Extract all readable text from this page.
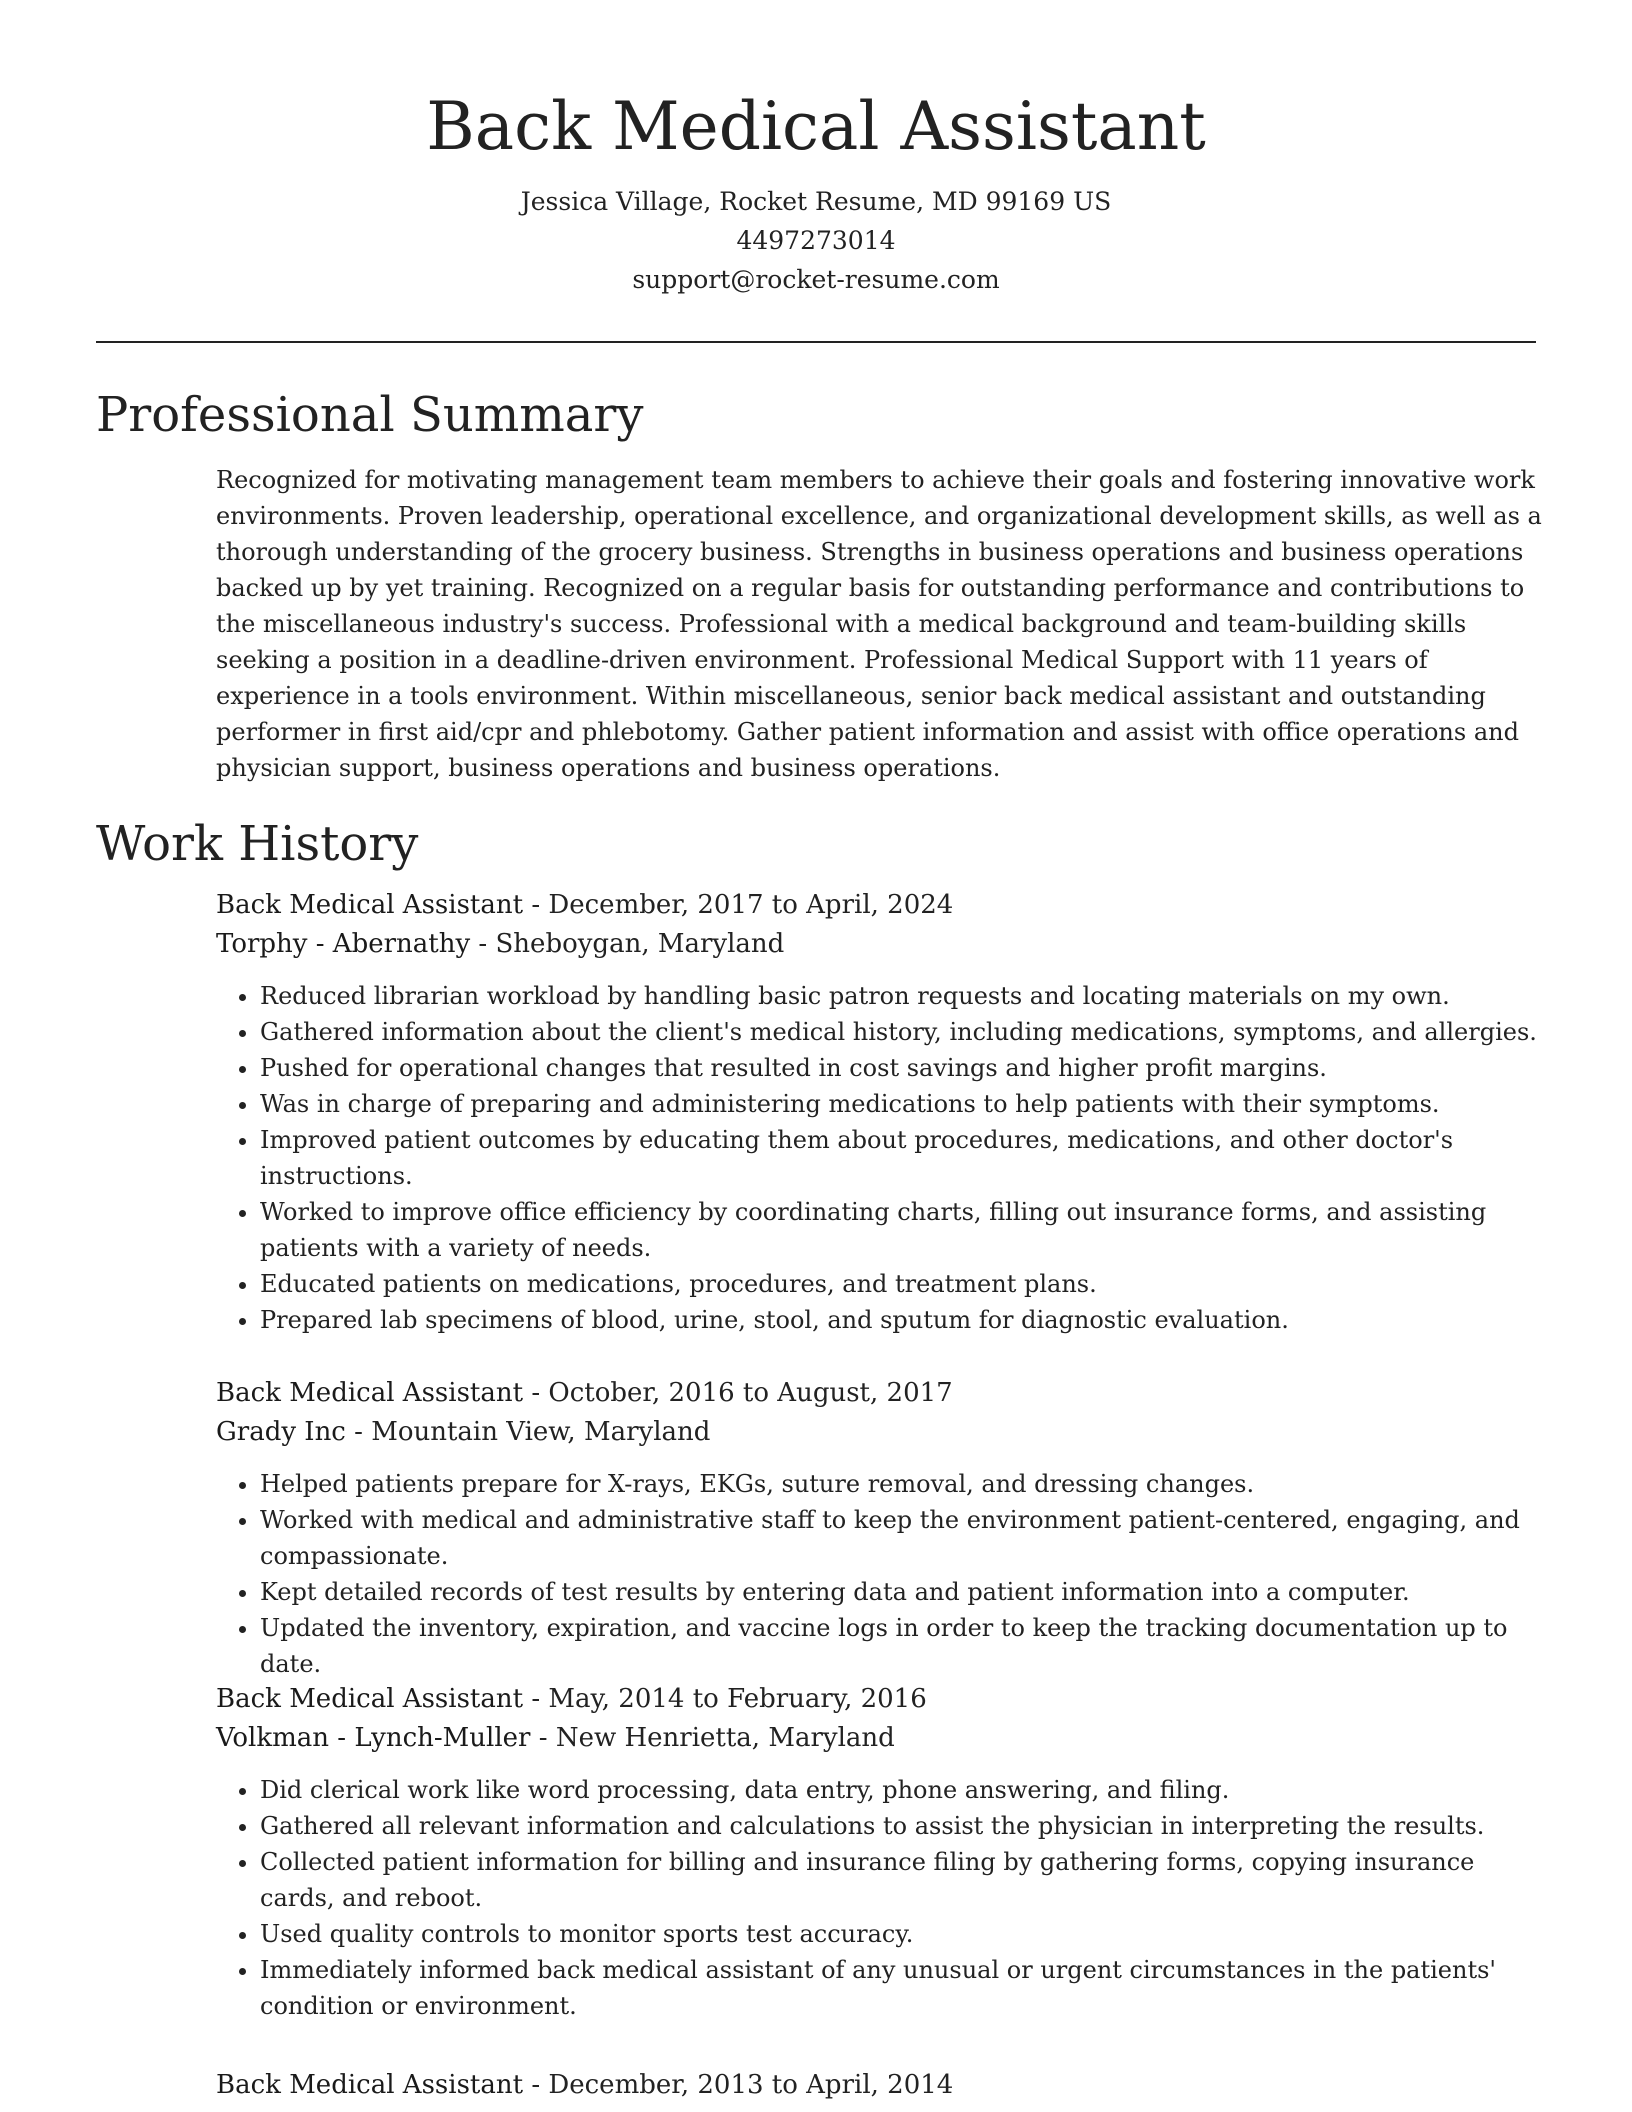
Back Medical Assistant
Jessica Village, Rocket Resume, MD 99169 US
4497273014
support@rocket-resume.com
Professional Summary

Recognized for motivating management team members to achieve their goals and fostering innovative work environments. Proven leadership, operational excellence, and organizational development skills, as well as a thorough understanding of the grocery business. Strengths in business operations and business operations backed up by yet training. Recognized on a regular basis for outstanding performance and contributions to the miscellaneous industry's success. Professional with a medical background and team-building skills seeking a position in a deadline-driven environment. Professional Medical Support with 11 years of experience in a tools environment. Within miscellaneous, senior back medical assistant and outstanding performer in first aid/cpr and phlebotomy. Gather patient information and assist with office operations and physician support, business operations and business operations.

Work History
Back Medical Assistant - December, 2017 to April, 2024
Torphy - Abernathy - Sheboygan, Maryland
• Reduced librarian workload by handling basic patron requests and locating materials on my own.
• Gathered information about the client's medical history, including medications, symptoms, and allergies.
• Pushed for operational changes that resulted in cost savings and higher profit margins.
• Was in charge of preparing and administering medications to help patients with their symptoms.
• Improved patient outcomes by educating them about procedures, medications, and other doctor's instructions.
• Worked to improve office efficiency by coordinating charts, filling out insurance forms, and assisting patients with a variety of needs.
• Educated patients on medications, procedures, and treatment plans.
• Prepared lab specimens of blood, urine, stool, and sputum for diagnostic evaluation.
Back Medical Assistant - October, 2016 to August, 2017
Grady Inc - Mountain View, Maryland
• Helped patients prepare for X-rays, EKGs, suture removal, and dressing changes.
• Worked with medical and administrative staff to keep the environment patient-centered, engaging, and compassionate.
• Kept detailed records of test results by entering data and patient information into a computer.
• Updated the inventory, expiration, and vaccine logs in order to keep the tracking documentation up to date.
Back Medical Assistant - May, 2014 to February, 2016
Volkman - Lynch-Muller - New Henrietta, Maryland
• Did clerical work like word processing, data entry, phone answering, and filing.
• Gathered all relevant information and calculations to assist the physician in interpreting the results.
• Collected patient information for billing and insurance filing by gathering forms, copying insurance cards, and reboot.
• Used quality controls to monitor sports test accuracy.
• Immediately informed back medical assistant of any unusual or urgent circumstances in the patients' condition or environment.
Back Medical Assistant - December, 2013 to April, 2014
